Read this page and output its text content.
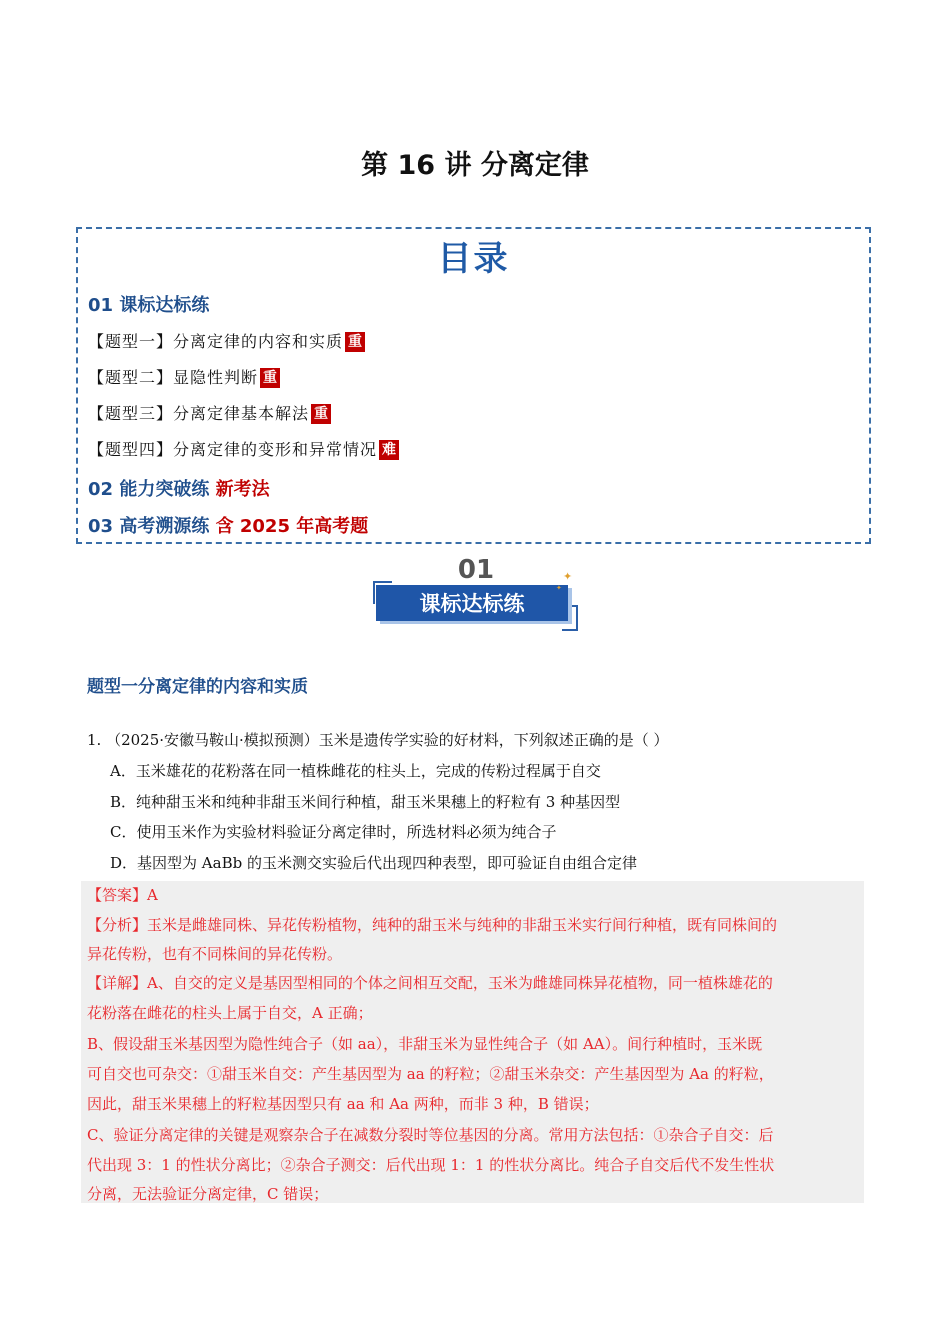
第 16 讲 分离定律
目录
01 课标达标练
【题型一】分离定律的内容和实质 重
【题型二】显隐性判断 重
【题型三】分离定律基本解法 重
【题型四】分离定律的变形和异常情况 难
02 能力突破练 新考法
03 高考溯源练 含 2025 年高考题
01
课标达标练
✦
✦
题型一分离定律的内容和实质
1. （2025·安徽马鞍山·模拟预测）玉米是遗传学实验的好材料，下列叙述正确的是（ ）
A．玉米雄花的花粉落在同一植株雌花的柱头上，完成的传粉过程属于自交
B．纯种甜玉米和纯种非甜玉米间行种植，甜玉米果穗上的籽粒有 3 种基因型
C．使用玉米作为实验材料验证分离定律时，所选材料必须为纯合子
D．基因型为 AaBb 的玉米测交实验后代出现四种表型，即可验证自由组合定律
【答案】A
【分析】玉米是雌雄同株、异花传粉植物，纯种的甜玉米与纯种的非甜玉米实行间行种植，既有同株间的
异花传粉，也有不同株间的异花传粉。
【详解】A、自交的定义是基因型相同的个体之间相互交配，玉米为雌雄同株异花植物，同一植株雄花的
花粉落在雌花的柱头上属于自交，A 正确；
B、假设甜玉米基因型为隐性纯合子（如 aa），非甜玉米为显性纯合子（如 AA）。间行种植时，玉米既
可自交也可杂交：①甜玉米自交：产生基因型为 aa 的籽粒；②甜玉米杂交：产生基因型为 Aa 的籽粒，
因此，甜玉米果穗上的籽粒基因型只有 aa 和 Aa 两种，而非 3 种，B 错误；
C、验证分离定律的关键是观察杂合子在减数分裂时等位基因的分离。常用方法包括：①杂合子自交：后
代出现 3：1 的性状分离比；②杂合子测交：后代出现 1：1 的性状分离比。纯合子自交后代不发生性状
分离，无法验证分离定律，C 错误；
